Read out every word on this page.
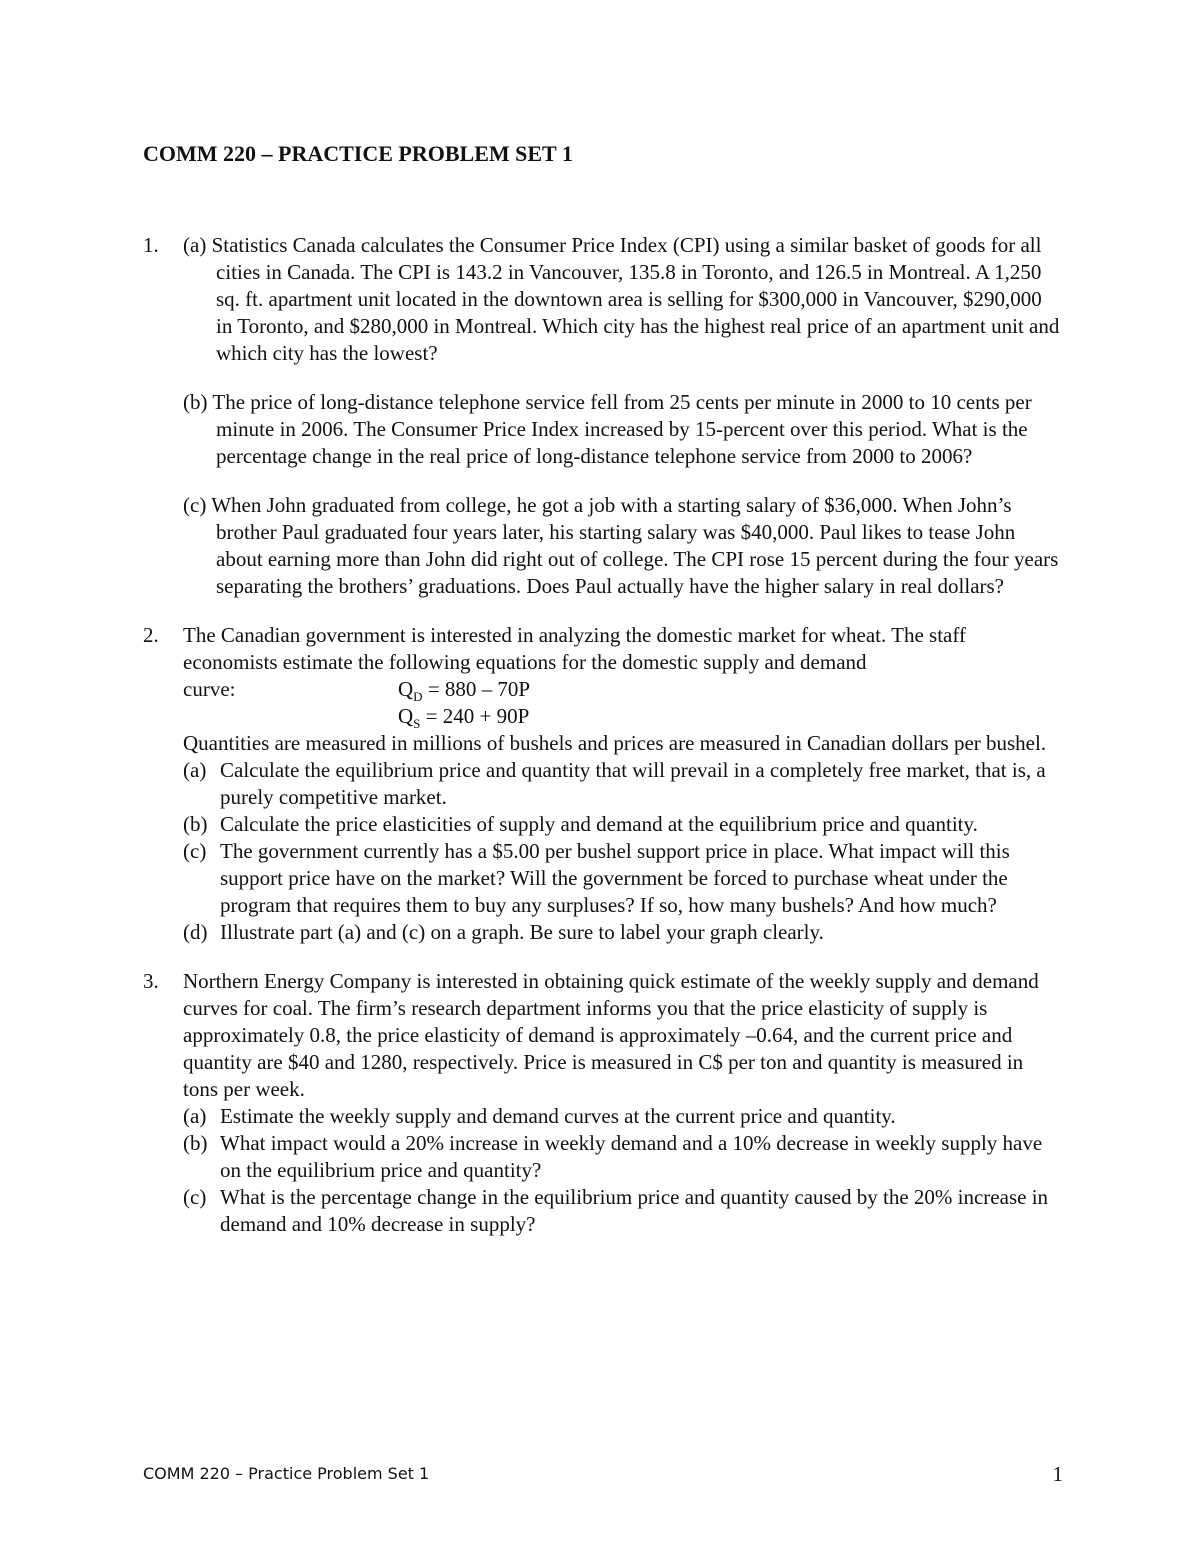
COMM 220 – PRACTICE PROBLEM SET 1
1. (a) Statistics Canada calculates the Consumer Price Index (CPI) using a similar basket of goods for all cities in Canada. The CPI is 143.2 in Vancouver, 135.8 in Toronto, and 126.5 in Montreal. A 1,250 sq. ft. apartment unit located in the downtown area is selling for $300,000 in Vancouver, $290,000 in Toronto, and $280,000 in Montreal. Which city has the highest real price of an apartment unit and which city has the lowest?
(b) The price of long-distance telephone service fell from 25 cents per minute in 2000 to 10 cents per minute in 2006. The Consumer Price Index increased by 15-percent over this period. What is the percentage change in the real price of long-distance telephone service from 2000 to 2006?
(c) When John graduated from college, he got a job with a starting salary of $36,000. When John’s brother Paul graduated four years later, his starting salary was $40,000. Paul likes to tease John about earning more than John did right out of college. The CPI rose 15 percent during the four years separating the brothers’ graduations. Does Paul actually have the higher salary in real dollars?
2. The Canadian government is interested in analyzing the domestic market for wheat. The staff economists estimate the following equations for the domestic supply and demand
curve:	$Q_D = 880 - 70P$
$Q_S = 240 + 90P$
Quantities are measured in millions of bushels and prices are measured in Canadian dollars per bushel.
(a) Calculate the equilibrium price and quantity that will prevail in a completely free market, that is, a purely competitive market.
(b) Calculate the price elasticities of supply and demand at the equilibrium price and quantity.
(c) The government currently has a $5.00 per bushel support price in place. What impact will this support price have on the market? Will the government be forced to purchase wheat under the program that requires them to buy any surpluses? If so, how many bushels? And how much?
(d) Illustrate part (a) and (c) on a graph. Be sure to label your graph clearly.
3. Northern Energy Company is interested in obtaining quick estimate of the weekly supply and demand curves for coal. The firm’s research department informs you that the price elasticity of supply is approximately 0.8, the price elasticity of demand is approximately –0.64, and the current price and quantity are $40 and 1280, respectively. Price is measured in C$ per ton and quantity is measured in tons per week.
(a) Estimate the weekly supply and demand curves at the current price and quantity.
(b) What impact would a 20% increase in weekly demand and a 10% decrease in weekly supply have on the equilibrium price and quantity?
(c) What is the percentage change in the equilibrium price and quantity caused by the 20% increase in demand and 10% decrease in supply?
COMM 220 – Practice Problem Set 1	1
